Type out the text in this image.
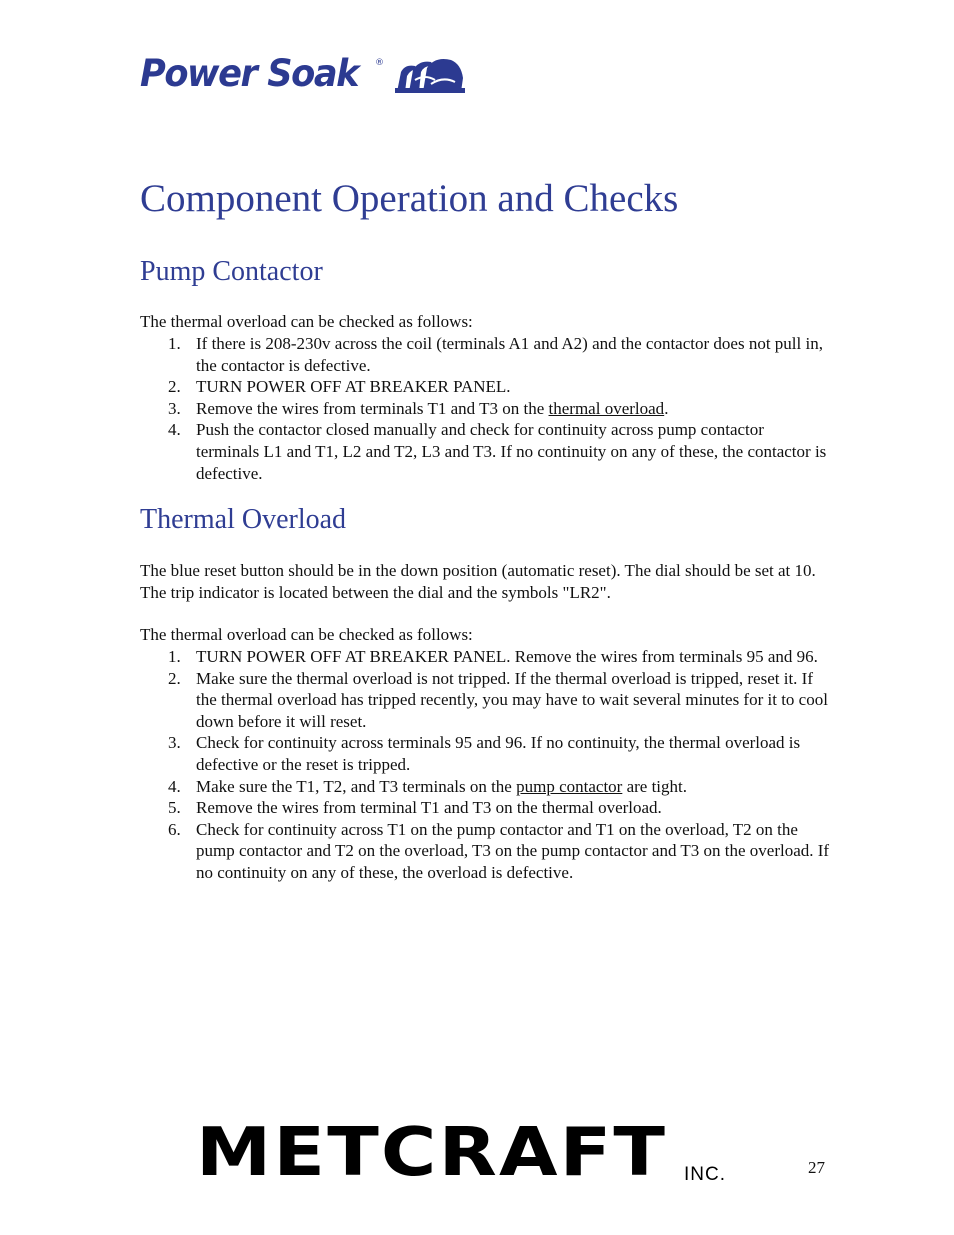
Power Soak ®
Component Operation and Checks
Pump Contactor
The thermal overload can be checked as follows:
1. If there is 208-230v across the coil (terminals A1 and A2) and the contactor does not pull in, the contactor is defective.
2. TURN POWER OFF AT BREAKER PANEL.
3. Remove the wires from terminals T1 and T3 on the thermal overload.
4. Push the contactor closed manually and check for continuity across pump contactor terminals L1 and T1, L2 and T2, L3 and T3. If no continuity on any of these, the contactor is defective.
Thermal Overload
The blue reset button should be in the down position (automatic reset). The dial should be set at 10. The trip indicator is located between the dial and the symbols "LR2".
The thermal overload can be checked as follows:
1. TURN POWER OFF AT BREAKER PANEL. Remove the wires from terminals 95 and 96.
2. Make sure the thermal overload is not tripped. If the thermal overload is tripped, reset it. If the thermal overload has tripped recently, you may have to wait several minutes for it to cool down before it will reset.
3. Check for continuity across terminals 95 and 96. If no continuity, the thermal overload is defective or the reset is tripped.
4. Make sure the T1, T2, and T3 terminals on the pump contactor are tight.
5. Remove the wires from terminal T1 and T3 on the thermal overload.
6. Check for continuity across T1 on the pump contactor and T1 on the overload, T2 on the pump contactor and T2 on the overload, T3 on the pump contactor and T3 on the overload. If no continuity on any of these, the overload is defective.
METCRAFT INC.	27
